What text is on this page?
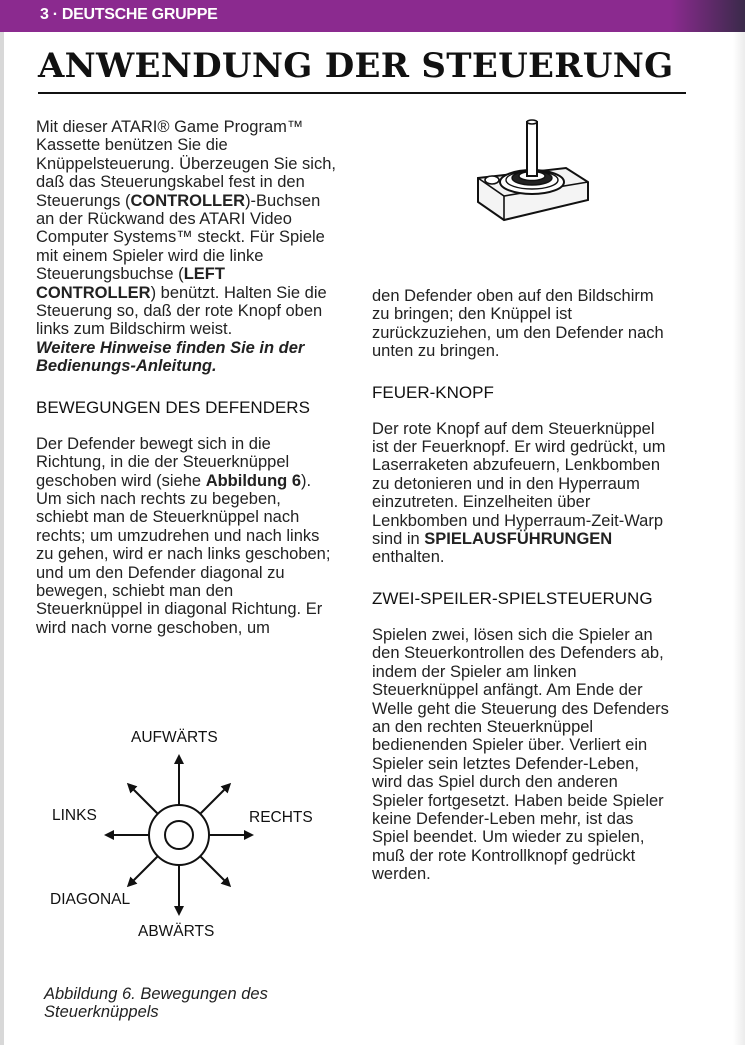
3 · DEUTSCHE GRUPPE
ANWENDUNG DER STEUERUNG

Mit dieser ATARI® Game Program™ Kassette benützen Sie die Knüppelsteuerung. Überzeugen Sie sich, daß das Steuerungskabel fest in den Steuerungs (CONTROLLER)-Buchsen an der Rückwand des ATARI Video Computer Systems™ steckt. Für Spiele mit einem Spieler wird die linke Steuerungsbuchse (LEFT CONTROLLER) benützt. Halten Sie die Steuerung so, daß der rote Knopf oben links zum Bildschirm weist.

Weitere Hinweise finden Sie in der Bedienungs-Anleitung.

BEWEGUNGEN DES DEFENDERS

Der Defender bewegt sich in die Richtung, in die der Steuerknüppel geschoben wird (siehe Abbildung 6). Um sich nach rechts zu begeben, schiebt man de Steuerknüppel nach rechts; um umzudrehen und nach links zu gehen, wird er nach links geschoben; und um den Defender diagonal zu bewegen, schiebt man den Steuerknüppel in diagonal Richtung. Er wird nach vorne geschoben, um

den Defender oben auf den Bildschirm zu bringen; den Knüppel ist zurückzuziehen, um den Defender nach unten zu bringen.

FEUER-KNOPF

Der rote Knopf auf dem Steuerknüppel ist der Feuerknopf. Er wird gedrückt, um Laserraketen abzufeuern, Lenkbomben zu detonieren und in den Hyperraum einzutreten. Einzelheiten über Lenkbomben und Hyperraum-Zeit-Warp sind in SPIELAUSFÜHRUNGEN enthalten.

ZWEI-SPEILER-SPIELSTEUERUNG

Spielen zwei, lösen sich die Spieler an den Steuerkontrollen des Defenders ab, indem der Spieler am linken Steuerknüppel anfängt. Am Ende der Welle geht die Steuerung des Defenders an den rechten Steuerknüppel bedienenden Spieler über. Verliert ein Spieler sein letztes Defender-Leben, wird das Spiel durch den anderen Spieler fortgesetzt. Haben beide Spieler keine Defender-Leben mehr, ist das Spiel beendet. Um wieder zu spielen, muß der rote Kontrollknopf gedrückt werden.

AUFWÄRTS
LINKS	RECHTS
DIAGONAL
ABWÄRTS

Abbildung 6. Bewegungen des Steuerknüppels
